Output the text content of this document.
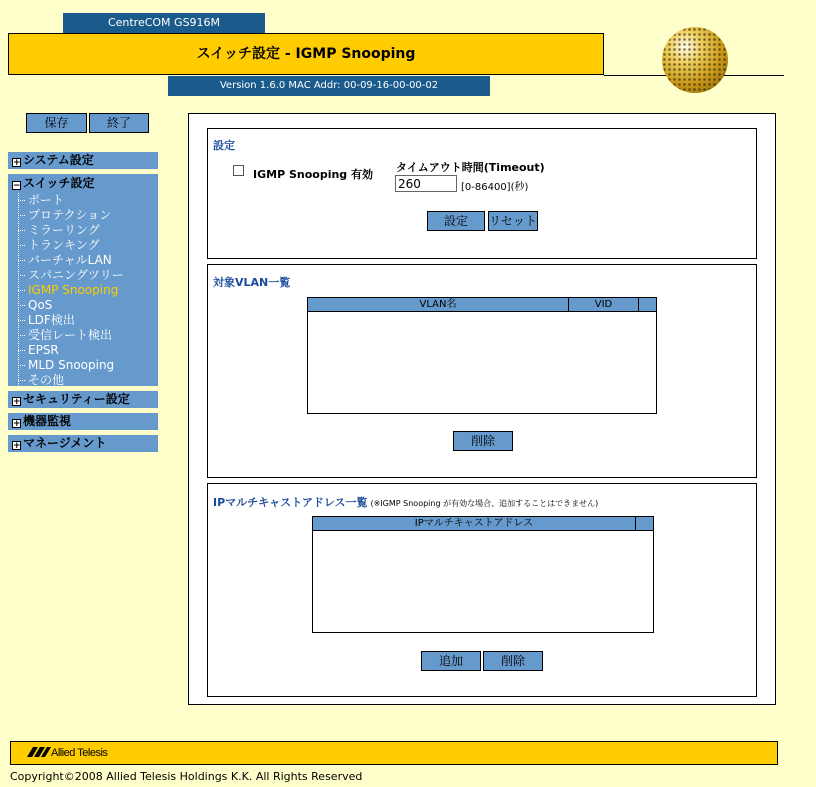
CentreCOM GS916M
スイッチ設定 - IGMP Snooping
Version 1.6.0 MAC Addr: 00-09-16-00-00-02
保存	終了
+ システム設定
− スイッチ設定
ポート
プロテクション
ミラーリング
トランキング
バーチャルLAN
スパニングツリー
IGMP Snooping
QoS
LDF検出
受信レート検出
EPSR
MLD Snooping
その他
+ セキュリティー設定
+ 機器監視
+ マネージメント
設定
IGMP Snooping 有効
タイムアウト時間(Timeout)
260
[0-86400](秒)
設定	リセット
対象VLAN一覧
VLAN名	VID
削除
IPマルチキャストアドレス一覧 (※IGMP Snooping が有効な場合、追加することはできません)
IPマルチキャストアドレス
追加	削除
Allied Telesis
Copyright©2008 Allied Telesis Holdings K.K. All Rights Reserved
